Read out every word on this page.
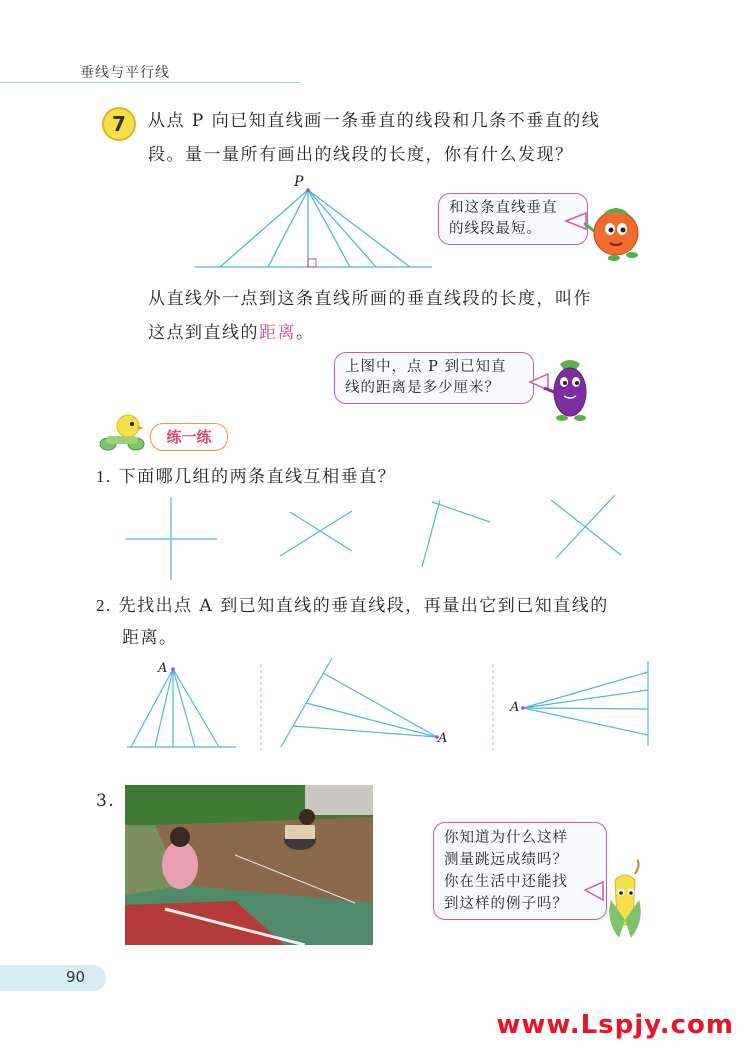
垂线与平行线
7	从点 P 向已知直线画一条垂直的线段和几条不垂直的线
段。量一量所有画出的线段的长度，你有什么发现？
P
和这条直线垂直
的线段最短。
从直线外一点到这条直线所画的垂直线段的长度，叫作
这点到直线的距离。
上图中，点 P 到已知直
线的距离是多少厘米？
练一练
1. 下面哪几组的两条直线互相垂直？
2. 先找出点 A 到已知直线的垂直线段，再量出它到已知直线的
距离。
A
A
A
3.
你知道为什么这样
测量跳远成绩吗？
你在生活中还能找
到这样的例子吗？
90
www.Lspjy.com
